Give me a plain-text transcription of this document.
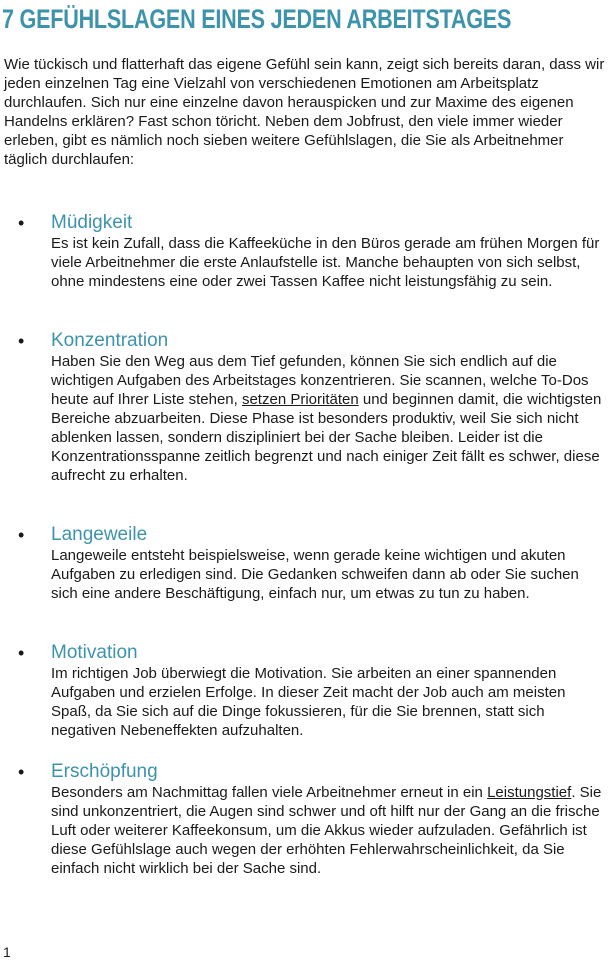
7 GEFÜHLSLAGEN EINES JEDEN ARBEITSTAGES

Wie tückisch und flatterhaft das eigene Gefühl sein kann, zeigt sich bereits daran, dass wir jeden einzelnen Tag eine Vielzahl von verschiedenen Emotionen am Arbeitsplatz durchlaufen. Sich nur eine einzelne davon herauspicken und zur Maxime des eigenen Handelns erklären? Fast schon töricht. Neben dem Jobfrust, den viele immer wieder erleben, gibt es nämlich noch sieben weitere Gefühlslagen, die Sie als Arbeitnehmer täglich durchlaufen:

• Müdigkeit

Es ist kein Zufall, dass die Kaffeeküche in den Büros gerade am frühen Morgen für viele Arbeitnehmer die erste Anlaufstelle ist. Manche behaupten von sich selbst, ohne mindestens eine oder zwei Tassen Kaffee nicht leistungsfähig zu sein.

• Konzentration

Haben Sie den Weg aus dem Tief gefunden, können Sie sich endlich auf die wichtigen Aufgaben des Arbeitstages konzentrieren. Sie scannen, welche To-Dos heute auf Ihrer Liste stehen, setzen Prioritäten und beginnen damit, die wichtigsten Bereiche abzuarbeiten. Diese Phase ist besonders produktiv, weil Sie sich nicht ablenken lassen, sondern diszipliniert bei der Sache bleiben. Leider ist die Konzentrationsspanne zeitlich begrenzt und nach einiger Zeit fällt es schwer, diese aufrecht zu erhalten.

• Langeweile

Langeweile entsteht beispielsweise, wenn gerade keine wichtigen und akuten Aufgaben zu erledigen sind. Die Gedanken schweifen dann ab oder Sie suchen sich eine andere Beschäftigung, einfach nur, um etwas zu tun zu haben.

• Motivation

Im richtigen Job überwiegt die Motivation. Sie arbeiten an einer spannenden Aufgaben und erzielen Erfolge. In dieser Zeit macht der Job auch am meisten Spaß, da Sie sich auf die Dinge fokussieren, für die Sie brennen, statt sich negativen Nebeneffekten aufzuhalten.

• Erschöpfung

Besonders am Nachmittag fallen viele Arbeitnehmer erneut in ein Leistungstief. Sie sind unkonzentriert, die Augen sind schwer und oft hilft nur der Gang an die frische Luft oder weiterer Kaffeekonsum, um die Akkus wieder aufzuladen. Gefährlich ist diese Gefühlslage auch wegen der erhöhten Fehlerwahrscheinlichkeit, da Sie einfach nicht wirklich bei der Sache sind.

1
